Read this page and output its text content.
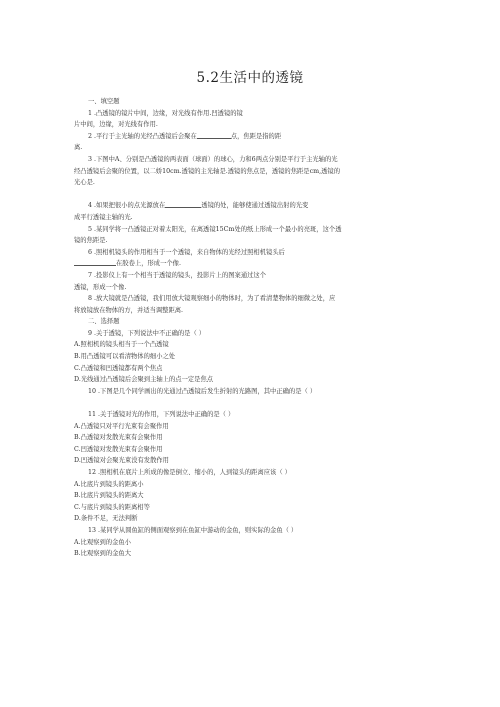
5.2生活中的透镜
一、填空题
1 .凸透镜的镜片中间，边缘，对光线有作用.凹透镜的镜
片中间，边缘，对光线有作用.
2 .平行于主光轴的光经凸透镜后会聚在	点，焦距是指的距
离.
3 .下图中A、分别是凸透镜的两表面（球面）的球心，力和6两点分别是平行于主光轴的光
经凸透镜后会聚的位置，以二娇10cm.透镜的主光轴是.透镜的焦点是，透镜的焦距是cm,透镜的
光心是.
4 .如果把很小的点光源放在	透镜的处，能够使通过透镜出射的光变
成平行透镜主轴的光.
5 .某同学将一凸透镜正对着太阳光，在离透镜15Cm处的纸上形成一个最小的亮斑，这个透
镜的焦距是.
6 .照相机镜头的作用相当于一个透镜，来自物体的光经过照相机镜头后
在胶卷上，形成一个像.
7 .投影仪上有一个相当于透镜的镜头，投影片上的图案通过这个
透镜，形成一个像.
8 .放大镜就是凸透镜，我们用放大镜观察细小的物体时，为了看清楚物体的细微之处，应
将放镜放在物体的方，并适当调整距离.
二、选择题
9 .关于透镜，下列说法中不正确的是（ ）
A.照相机的镜头相当于一个凸透镜
B.用凸透镜可以看清物体的细小之处
C.凸透镜和凹透镜都有两个焦点
D.光线通过凸透镜后会聚到主轴上的点一定是焦点
10 .下图是几个同学画出的光通过凸透镜后发生折射的光路图，其中正确的是（ ）
11 .关于透镜对光的作用，下列说法中正确的是（ ）
A.凸透镜只对平行光束有会聚作用
B.凸透镜对发散光束有会聚作用
C.凹透镜对发散光束有会聚作用
D.凹透镜对会聚光束没有发散作用
12 .照相机在底片上所成的像是倒立、缩小的，人到镜头的距离应该（ ）
A.比底片到镜头的距离小
B.比底片到镜头的距离大
C.与底片到镜头的距离相等
D.条件不足，无法判断
13 .某同学从圆鱼缸的侧面观察到在鱼缸中游动的金鱼，则实际的金鱼（ ）
A.比观察到的金鱼小
B.比观察到的金鱼大
